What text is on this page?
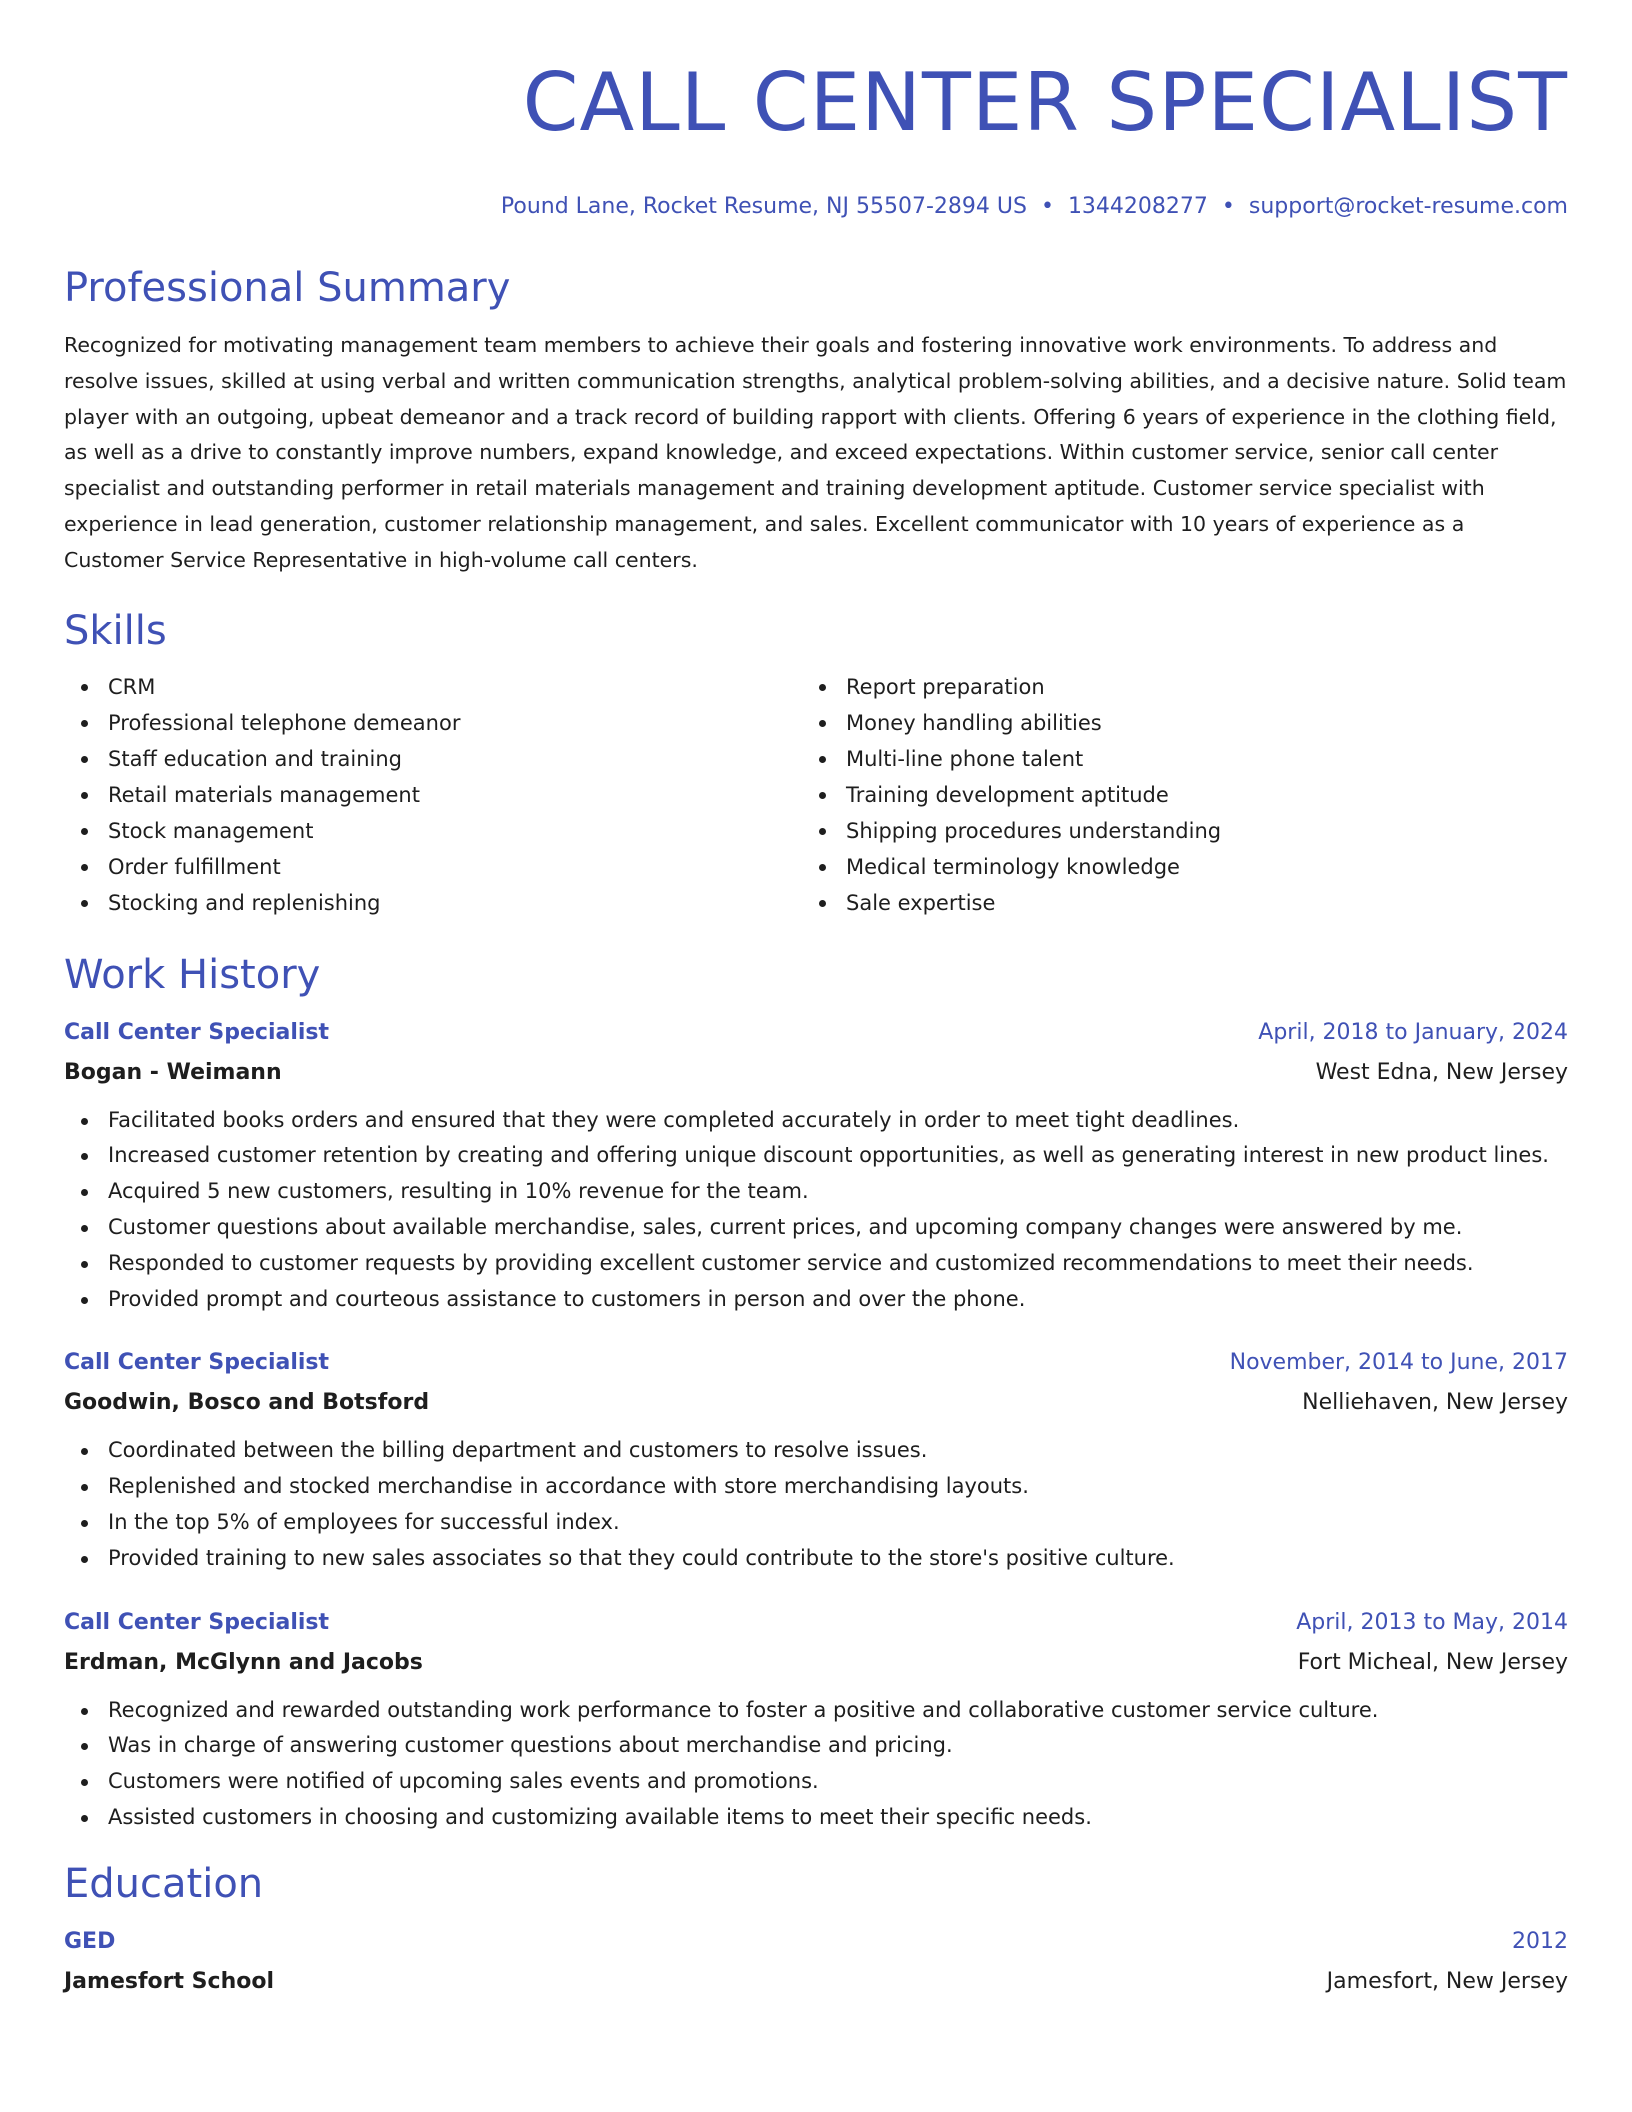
CALL CENTER SPECIALIST
Pound Lane, Rocket Resume, NJ 55507-2894 US • 1344208277 • support@rocket-resume.com
Professional Summary

Recognized for motivating management team members to achieve their goals and fostering innovative work environments. To address and resolve issues, skilled at using verbal and written communication strengths, analytical problem-solving abilities, and a decisive nature. Solid team player with an outgoing, upbeat demeanor and a track record of building rapport with clients. Offering 6 years of experience in the clothing field, as well as a drive to constantly improve numbers, expand knowledge, and exceed expectations. Within customer service, senior call center specialist and outstanding performer in retail materials management and training development aptitude. Customer service specialist with experience in lead generation, customer relationship management, and sales. Excellent communicator with 10 years of experience as a Customer Service Representative in high-volume call centers.

Skills
CRM
Professional telephone demeanor
Staff education and training
Retail materials management
Stock management
Order fulfillment
Stocking and replenishing
Report preparation
Money handling abilities
Multi-line phone talent
Training development aptitude
Shipping procedures understanding
Medical terminology knowledge
Sale expertise
Work History
Call Center Specialist	April, 2018 to January, 2024
Bogan - Weimann	West Edna, New Jersey
Facilitated books orders and ensured that they were completed accurately in order to meet tight deadlines.
Increased customer retention by creating and offering unique discount opportunities, as well as generating interest in new product lines.
Acquired 5 new customers, resulting in 10% revenue for the team.
Customer questions about available merchandise, sales, current prices, and upcoming company changes were answered by me.
Responded to customer requests by providing excellent customer service and customized recommendations to meet their needs.
Provided prompt and courteous assistance to customers in person and over the phone.
Call Center Specialist	November, 2014 to June, 2017
Goodwin, Bosco and Botsford	Nelliehaven, New Jersey
Coordinated between the billing department and customers to resolve issues.
Replenished and stocked merchandise in accordance with store merchandising layouts.
In the top 5% of employees for successful index.
Provided training to new sales associates so that they could contribute to the store's positive culture.
Call Center Specialist	April, 2013 to May, 2014
Erdman, McGlynn and Jacobs	Fort Micheal, New Jersey
Recognized and rewarded outstanding work performance to foster a positive and collaborative customer service culture.
Was in charge of answering customer questions about merchandise and pricing.
Customers were notified of upcoming sales events and promotions.
Assisted customers in choosing and customizing available items to meet their specific needs.
Education
GED	2012
Jamesfort School	Jamesfort, New Jersey
